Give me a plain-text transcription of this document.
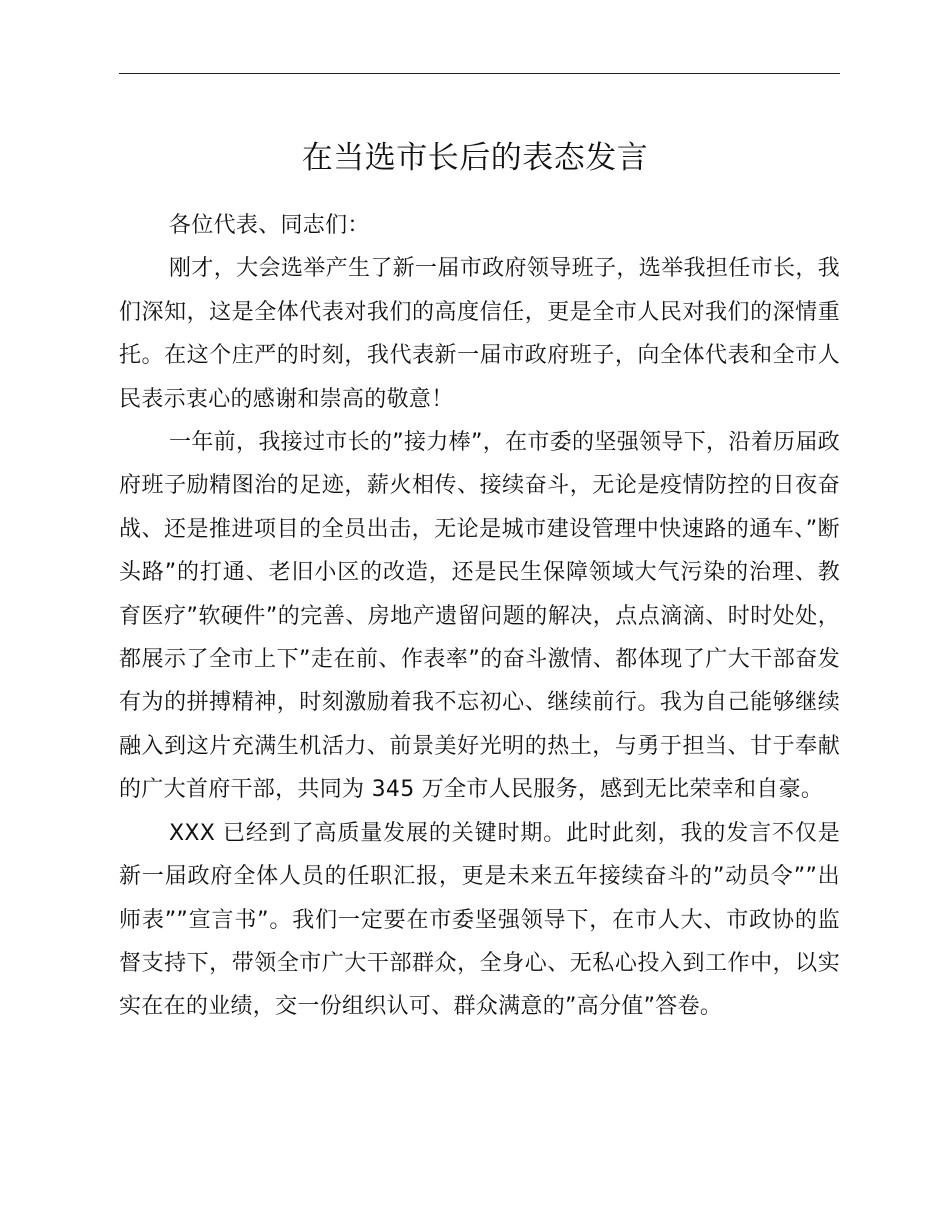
在当选市长后的表态发言

各位代表、同志们：

刚才，大会选举产生了新一届市政府领导班子，选举我担任市长，我们深知，这是全体代表对我们的高度信任，更是全市人民对我们的深情重托。在这个庄严的时刻，我代表新一届市政府班子，向全体代表和全市人民表示衷心的感谢和崇高的敬意！

一年前，我接过市长的”接力棒”，在市委的坚强领导下，沿着历届政府班子励精图治的足迹，薪火相传、接续奋斗，无论是疫情防控的日夜奋战、还是推进项目的全员出击，无论是城市建设管理中快速路的通车、”断头路”的打通、老旧小区的改造，还是民生保障领域大气污染的治理、教育医疗”软硬件”的完善、房地产遗留问题的解决，点点滴滴、时时处处，都展示了全市上下”走在前、作表率”的奋斗激情、都体现了广大干部奋发有为的拼搏精神，时刻激励着我不忘初心、继续前行。我为自己能够继续融入到这片充满生机活力、前景美好光明的热土，与勇于担当、甘于奉献的广大首府干部，共同为 345 万全市人民服务，感到无比荣幸和自豪。

XXX 已经到了高质量发展的关键时期。此时此刻，我的发言不仅是新一届政府全体人员的任职汇报，更是未来五年接续奋斗的”动员令””出师表””宣言书”。我们一定要在市委坚强领导下，在市人大、市政协的监督支持下，带领全市广大干部群众，全身心、无私心投入到工作中，以实实在在的业绩，交一份组织认可、群众满意的”高分值”答卷。
